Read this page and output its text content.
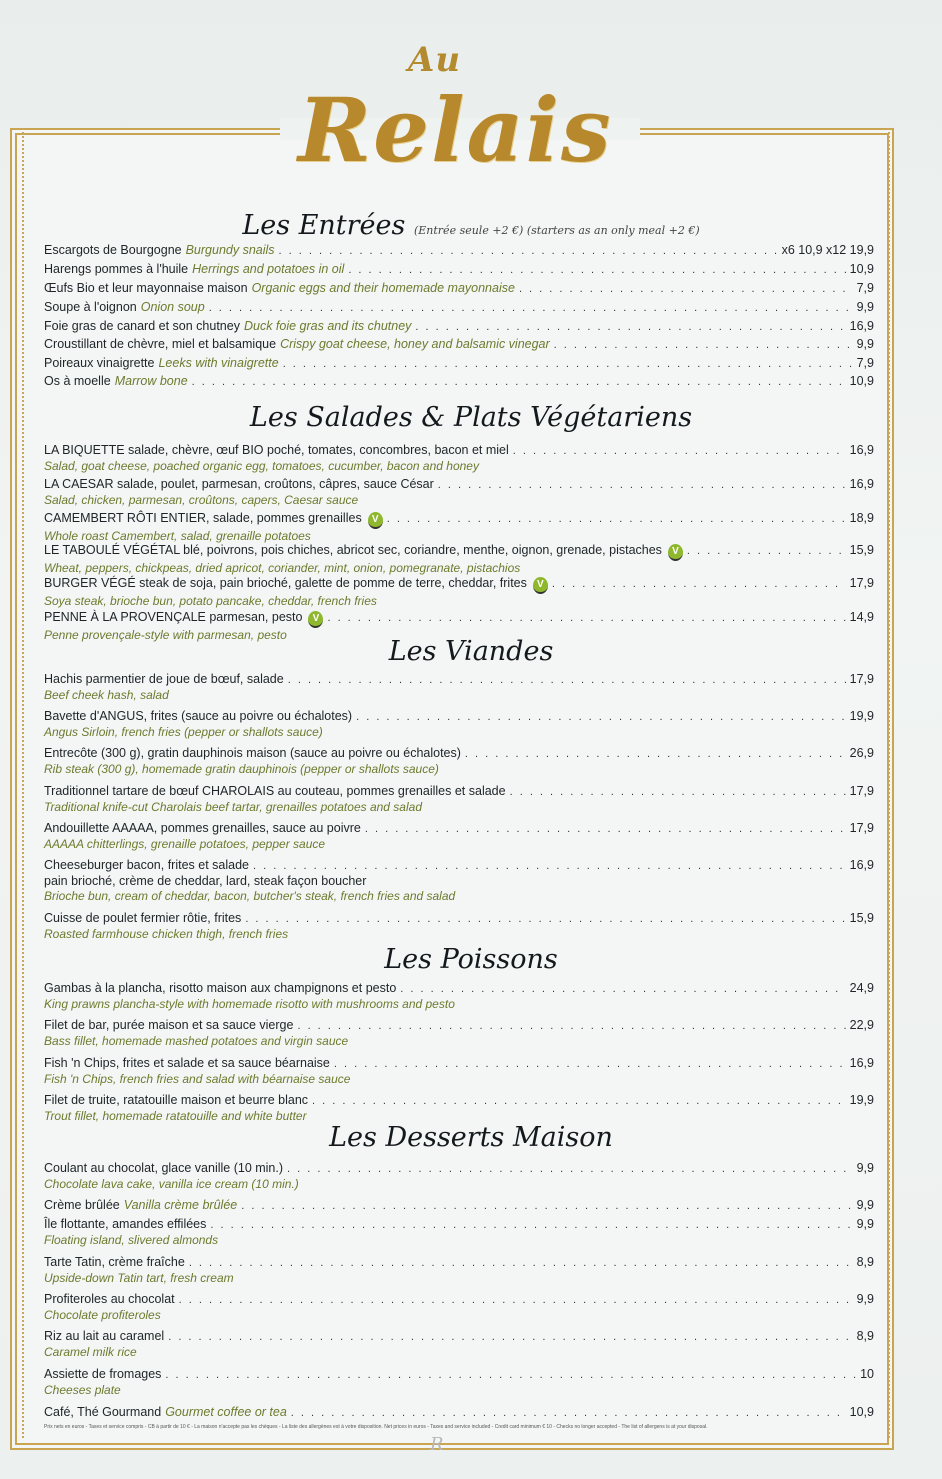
Au
Relais
Les Entrées (Entrée seule +2 €) (starters as an only meal +2 €)
Escargots de Bourgogne Burgundy snails . . .	x6 10,9 x12 19,9
Harengs pommes à l'huile Herrings and potatoes in oil . . .	10,9
Œufs Bio et leur mayonnaise maison Organic eggs and their homemade mayonnaise . . .	7,9
Soupe à l'oignon Onion soup . . .	9,9
Foie gras de canard et son chutney Duck foie gras and its chutney . . .	16,9
Croustillant de chèvre, miel et balsamique Crispy goat cheese, honey and balsamic vinegar . . .	9,9
Poireaux vinaigrette Leeks with vinaigrette . . .	7,9
Os à moelle Marrow bone . . .	10,9
Les Salades & Plats Végétariens
LA BIQUETTE salade, chèvre, œuf BIO poché, tomates, concombres, bacon et miel . . .	16,9
Salad, goat cheese, poached organic egg, tomatoes, cucumber, bacon and honey
LA CAESAR salade, poulet, parmesan, croûtons, câpres, sauce César . . .	16,9
Salad, chicken, parmesan, croûtons, capers, Caesar sauce
CAMEMBERT RÔTI ENTIER, salade, pommes grenailles	V . . .	18,9
Whole roast Camembert, salad, grenaille potatoes
LE TABOULÉ VÉGÉTAL blé, poivrons, pois chiches, abricot sec, coriandre, menthe, oignon, grenade, pistaches	V . . .	15,9
Wheat, peppers, chickpeas, dried apricot, coriander, mint, onion, pomegranate, pistachios
BURGER VÉGÉ steak de soja, pain brioché, galette de pomme de terre, cheddar, frites	V . . .	17,9
Soya steak, brioche bun, potato pancake, cheddar, french fries
PENNE À LA PROVENÇALE parmesan, pesto	V . . .	14,9
Penne provençale-style with parmesan, pesto
Les Viandes
Hachis parmentier de joue de bœuf, salade . . .	17,9
Beef cheek hash, salad
Bavette d'ANGUS, frites (sauce au poivre ou échalotes) . . .	19,9
Angus Sirloin, french fries (pepper or shallots sauce)
Entrecôte (300 g), gratin dauphinois maison (sauce au poivre ou échalotes) . . .	26,9
Rib steak (300 g), homemade gratin dauphinois (pepper or shallots sauce)
Traditionnel tartare de bœuf CHAROLAIS au couteau, pommes grenailles et salade . . .	17,9
Traditional knife-cut Charolais beef tartar, grenailles potatoes and salad
Andouillette AAAAA, pommes grenailles, sauce au poivre . . .	17,9
AAAAA chitterlings, grenaille potatoes, pepper sauce
Cheeseburger bacon, frites et salade . . .	16,9
pain brioché, crème de cheddar, lard, steak façon boucher
Brioche bun, cream of cheddar, bacon, butcher's steak, french fries and salad
Cuisse de poulet fermier rôtie, frites . . .	15,9
Roasted farmhouse chicken thigh, french fries
Les Poissons
Gambas à la plancha, risotto maison aux champignons et pesto . . .	24,9
King prawns plancha-style with homemade risotto with mushrooms and pesto
Filet de bar, purée maison et sa sauce vierge . . .	22,9
Bass fillet, homemade mashed potatoes and virgin sauce
Fish 'n Chips, frites et salade et sa sauce béarnaise . . .	16,9
Fish 'n Chips, french fries and salad with béarnaise sauce
Filet de truite, ratatouille maison et beurre blanc . . .	19,9
Trout fillet, homemade ratatouille and white butter
Les Desserts Maison
Coulant au chocolat, glace vanille (10 min.) . . .	9,9
Chocolate lava cake, vanilla ice cream (10 min.)
Crème brûlée Vanilla crème brûlée . . .	9,9
Île flottante, amandes effilées . . .	9,9
Floating island, slivered almonds
Tarte Tatin, crème fraîche . . .	8,9
Upside-down Tatin tart, fresh cream
Profiteroles au chocolat . . .	9,9
Chocolate profiteroles
Riz au lait au caramel . . .	8,9
Caramel milk rice
Assiette de fromages . . .	10
Cheeses plate
Café, Thé Gourmand Gourmet coffee or tea . . .	10,9
Prix nets en euros - Taxes et service compris - CB à partir de 10 € - La maison n'accepte pas les chèques - La liste des allergènes est à votre disposition. Net prices in euros - Taxes and service included - Credit card minimum € 10 - Checks no longer accepted - The list of allergens is at your disposal.
R
